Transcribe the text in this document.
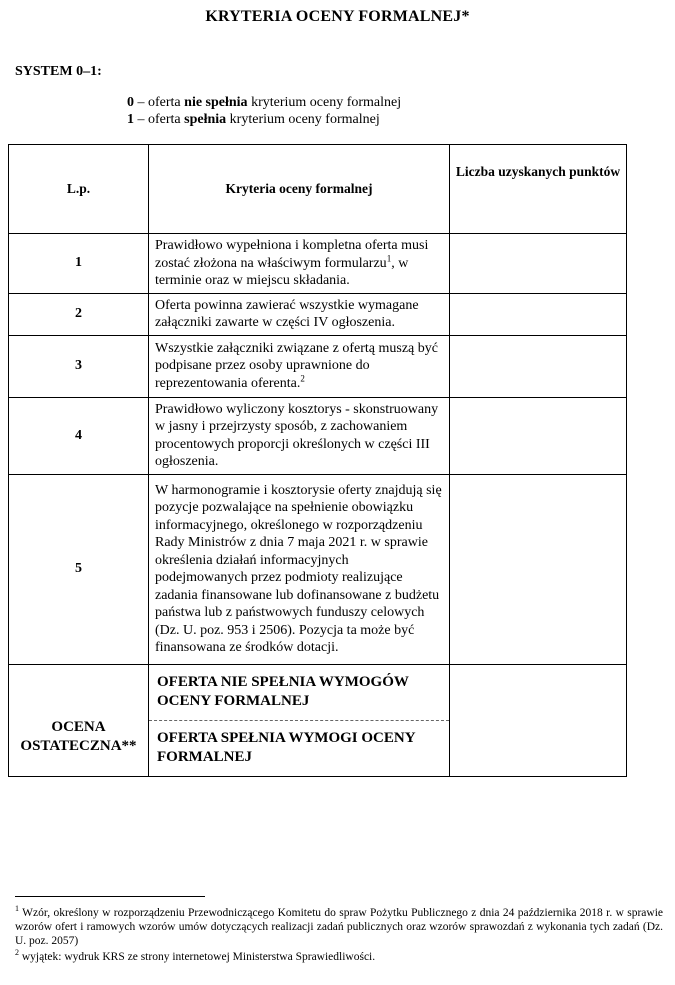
KRYTERIA OCENY FORMALNEJ*
SYSTEM 0–1:
0 – oferta nie spełnia kryterium oceny formalnej
1 – oferta spełnia kryterium oceny formalnej
L.p.	Kryteria oceny formalnej	Liczba uzyskanych punktów
1	Prawidłowo wypełniona i kompletna oferta musi zostać złożona na właściwym formularzu$^1$, w terminie oraz w miejscu składania.	
2	Oferta powinna zawierać wszystkie wymagane załączniki zawarte w części IV ogłoszenia.	
3	Wszystkie załączniki związane z ofertą muszą być podpisane przez osoby uprawnione do reprezentowania oferenta.$^2$	
4	Prawidłowo wyliczony kosztorys - skonstruowany w jasny i przejrzysty sposób, z zachowaniem procentowych proporcji określonych w części III ogłoszenia.	
5	W harmonogramie i kosztorysie oferty znajdują się pozycje pozwalające na spełnienie obowiązku informacyjnego, określonego w rozporządzeniu Rady Ministrów z dnia 7 maja 2021 r. w sprawie określenia działań informacyjnych podejmowanych przez podmioty realizujące zadania finansowane lub dofinansowane z budżetu państwa lub z państwowych funduszy celowych (Dz. U. poz. 953 i 2506). Pozycja ta może być finansowana ze środków dotacji.	
OCENA OSTATECZNA**	OFERTA NIE SPEŁNIA WYMOGÓW OCENY FORMALNEJ
OFERTA SPEŁNIA WYMOGI OCENY FORMALNEJ	

$^1$ Wzór, określony w rozporządzeniu Przewodniczącego Komitetu do spraw Pożytku Publicznego z dnia 24 października 2018 r. w sprawie wzorów ofert i ramowych wzorów umów dotyczących realizacji zadań publicznych oraz wzorów sprawozdań z wykonania tych zadań (Dz. U. poz. 2057)
$^2$ wyjątek: wydruk KRS ze strony internetowej Ministerstwa Sprawiedliwości.
